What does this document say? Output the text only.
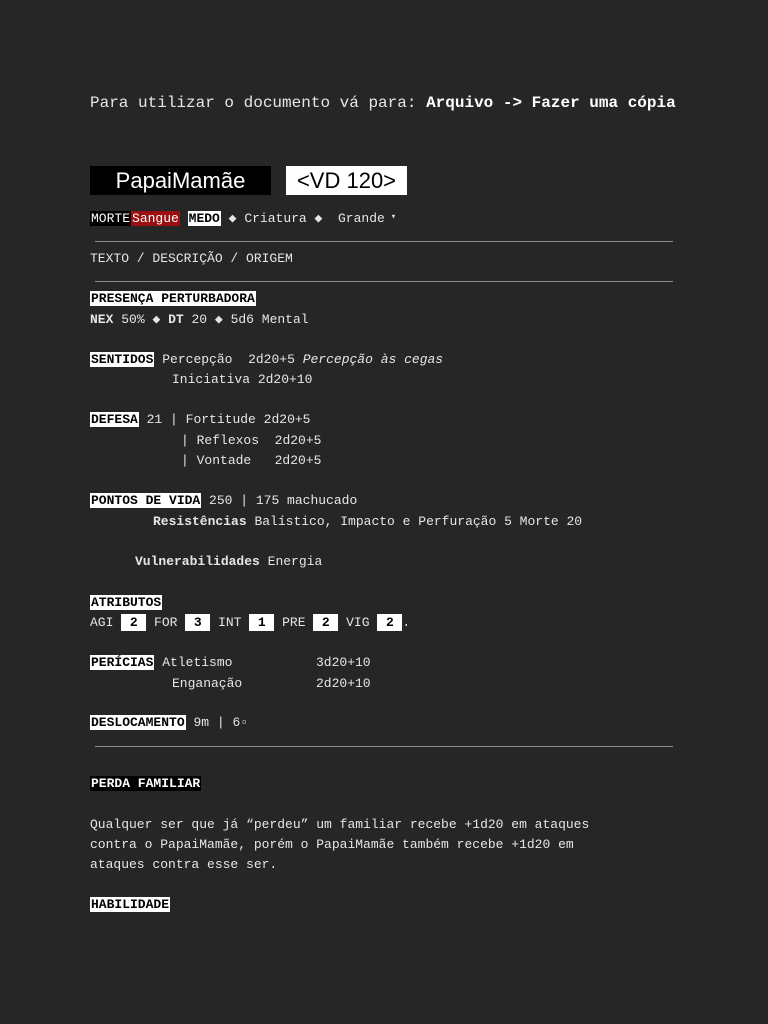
Para utilizar o documento vá para: Arquivo -> Fazer uma cópia
PapaiMamãe	<VD 120>
MORTE Sangue MEDO ◆ Criatura ◆ Grande ▾
TEXTO / DESCRIÇÃO / ORIGEM
PRESENÇA PERTURBADORA
NEX 50% ◆ DT 20 ◆ 5d6 Mental
SENTIDOS Percepção 2d20+5 Percepção às cegas
Iniciativa 2d20+10
DEFESA 21 | Fortitude 2d20+5
| Reflexos 2d20+5
| Vontade 2d20+5
PONTOS DE VIDA 250 | 175 machucado
Resistências Balístico, Impacto e Perfuração 5 Morte 20
Vulnerabilidades Energia
ATRIBUTOS
AGI 2 FOR 3 INT 1 PRE 2 VIG 2 .
PERÍCIAS Atletismo	3d20+10
Enganação	2d20+10
DESLOCAMENTO 9m | 6▫
PERDA FAMILIAR
Qualquer ser que já “perdeu” um familiar recebe +1d20 em ataques
contra o PapaiMamãe, porém o PapaiMamãe também recebe +1d20 em
ataques contra esse ser.
HABILIDADE
